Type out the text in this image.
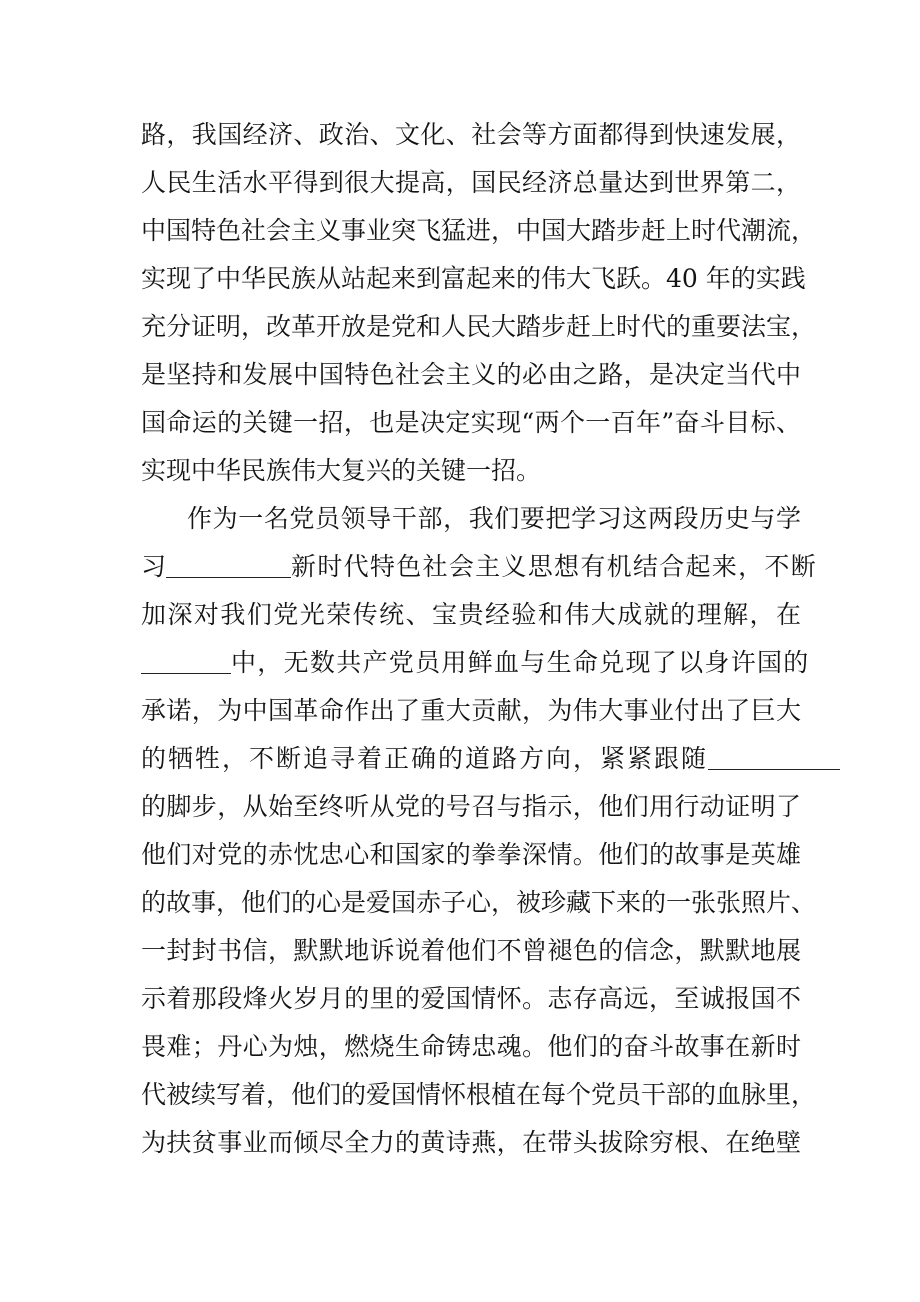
路，我国经济、政治、文化、社会等方面都得到快速发展，
人民生活水平得到很大提高，国民经济总量达到世界第二，
中国特色社会主义事业突飞猛进，中国大踏步赶上时代潮流，
实现了中华民族从站起来到富起来的伟大飞跃。40 年的实践
充分证明，改革开放是党和人民大踏步赶上时代的重要法宝，
是坚持和发展中国特色社会主义的必由之路，是决定当代中
国命运的关键一招，也是决定实现“两个一百年”奋斗目标、
实现中华民族伟大复兴的关键一招。
作为一名党员领导干部，我们要把学习这两段历史与学
习	新时代特色社会主义思想有机结合起来，不断
加深对我们党光荣传统、宝贵经验和伟大成就的理解，在
中，无数共产党员用鲜血与生命兑现了以身许国的
承诺，为中国革命作出了重大贡献，为伟大事业付出了巨大
的牺牲，不断追寻着正确的道路方向，紧紧跟随
的脚步，从始至终听从党的号召与指示，他们用行动证明了
他们对党的赤忱忠心和国家的拳拳深情。他们的故事是英雄
的故事，他们的心是爱国赤子心，被珍藏下来的一张张照片、
一封封书信，默默地诉说着他们不曾褪色的信念，默默地展
示着那段烽火岁月的里的爱国情怀。志存高远，至诚报国不
畏难；丹心为烛，燃烧生命铸忠魂。他们的奋斗故事在新时
代被续写着，他们的爱国情怀根植在每个党员干部的血脉里，
为扶贫事业而倾尽全力的黄诗燕，在带头拔除穷根、在绝壁
